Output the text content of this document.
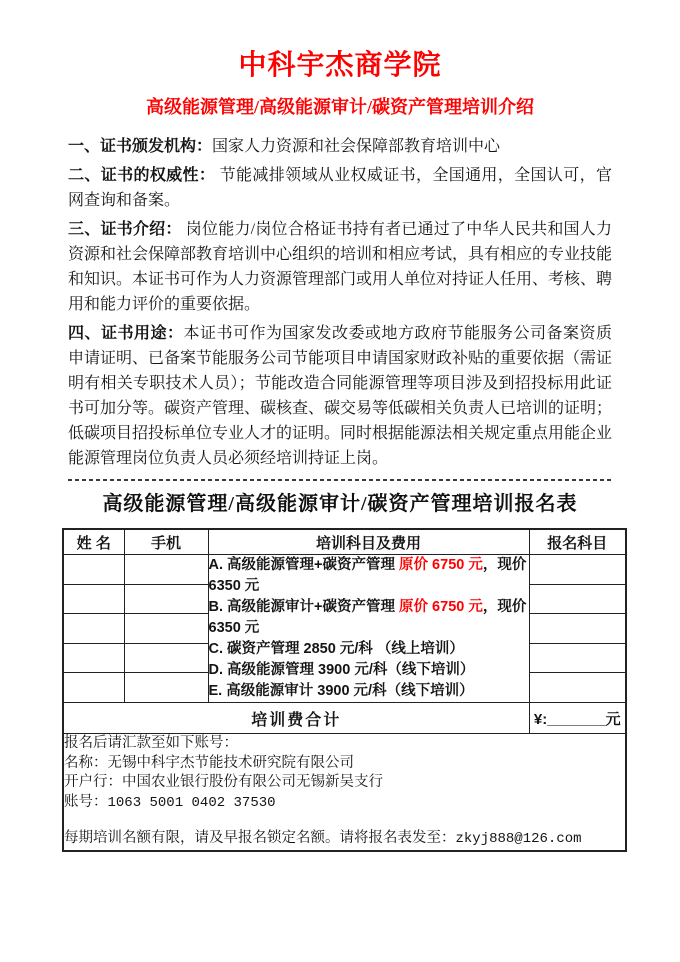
中科宇杰商学院
高级能源管理/高级能源审计/碳资产管理培训介绍

一、证书颁发机构：国家人力资源和社会保障部教育培训中心

二、证书的权威性： 节能减排领域从业权威证书，全国通用，全国认可，官网查询和备案。

三、证书介绍： 岗位能力/岗位合格证书持有者已通过了中华人民共和国人力资源和社会保障部教育培训中心组织的培训和相应考试，具有相应的专业技能和知识。本证书可作为人力资源管理部门或用人单位对持证人任用、考核、聘用和能力评价的重要依据。

四、证书用途：本证书可作为国家发改委或地方政府节能服务公司备案资质申请证明、已备案节能服务公司节能项目申请国家财政补贴的重要依据（需证明有相关专职技术人员）；节能改造合同能源管理等项目涉及到招投标用此证书可加分等。碳资产管理、碳核查、碳交易等低碳相关负责人已培训的证明；低碳项目招投标单位专业人才的证明。同时根据能源法相关规定重点用能企业能源管理岗位负责人员必须经培训持证上岗。

高级能源管理/高级能源审计/碳资产管理培训报名表
姓 名	手机	培训科目及费用	报名科目

		A. 高级能源管理+碳资产管理 原价 6750 元，现价 6350 元
B. 高级能源审计+碳资产管理 原价 6750 元，现价 6350 元
C. 碳资产管理 2850 元/科 （线上培训）
D. 高级能源管理 3900 元/科（线下培训）
E. 高级能源审计 3900 元/科（线下培训）	

培训费合计			¥:_______元

报名后请汇款至如下账号：
名称：无锡中科宇杰节能技术研究院有限公司
开户行：中国农业银行股份有限公司无锡新吴支行
账号：1063 5001 0402 37530
每期培训名额有限，请及早报名锁定名额。请将报名表发至：zkyj888@126.com			
